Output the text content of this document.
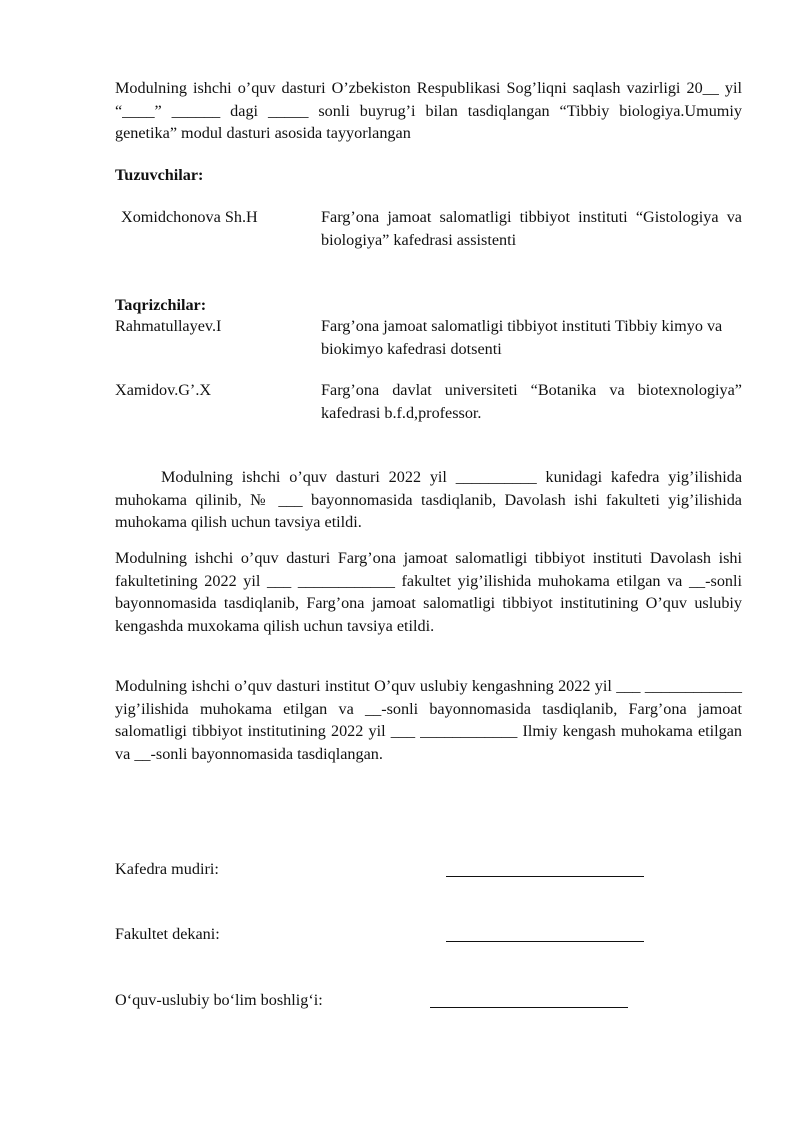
Modulning ishchi o’quv dasturi O’zbekiston Respublikasi Sog’liqni saqlash vazirligi 20__ yil “____” ______ dagi _____ sonli buyrug’i bilan tasdiqlangan “Tibbiy biologiya.Umumiy genetika” modul dasturi asosida tayyorlangan

Tuzuvchilar:

Xomidchonova Sh.H	Farg’ona jamoat salomatligi tibbiyot instituti “Gistologiya va biologiya” kafedrasi assistenti

Taqrizchilar:

Rahmatullayev.I	Farg’ona jamoat salomatligi tibbiyot instituti Tibbiy kimyo va biokimyo kafedrasi dotsenti

Xamidov.G’.X	Farg’ona davlat universiteti “Botanika va biotexnologiya” kafedrasi b.f.d,professor.

Modulning ishchi o’quv dasturi 2022 yil __________ kunidagi kafedra yig’ilishida muhokama qilinib, № ___ bayonnomasida tasdiqlanib, Davolash ishi fakulteti yig’ilishida muhokama qilish uchun tavsiya etildi.

Modulning ishchi o’quv dasturi Farg’ona jamoat salomatligi tibbiyot instituti Davolash ishi fakultetining 2022 yil ___ ____________ fakultet yig’ilishida muhokama etilgan va __-sonli bayonnomasida tasdiqlanib, Farg’ona jamoat salomatligi tibbiyot institutining O’quv uslubiy kengashda muxokama qilish uchun tavsiya etildi.

Modulning ishchi o’quv dasturi institut O’quv uslubiy kengashning 2022 yil ___ ____________ yig’ilishida muhokama etilgan va __-sonli bayonnomasida tasdiqlanib, Farg’ona jamoat salomatligi tibbiyot institutining 2022 yil ___ ____________ Ilmiy kengash muhokama etilgan va __-sonli bayonnomasida tasdiqlangan.

Kafedra mudiri:
Fakultet dekani:
O‘quv-uslubiy bo‘lim boshlig‘i:
